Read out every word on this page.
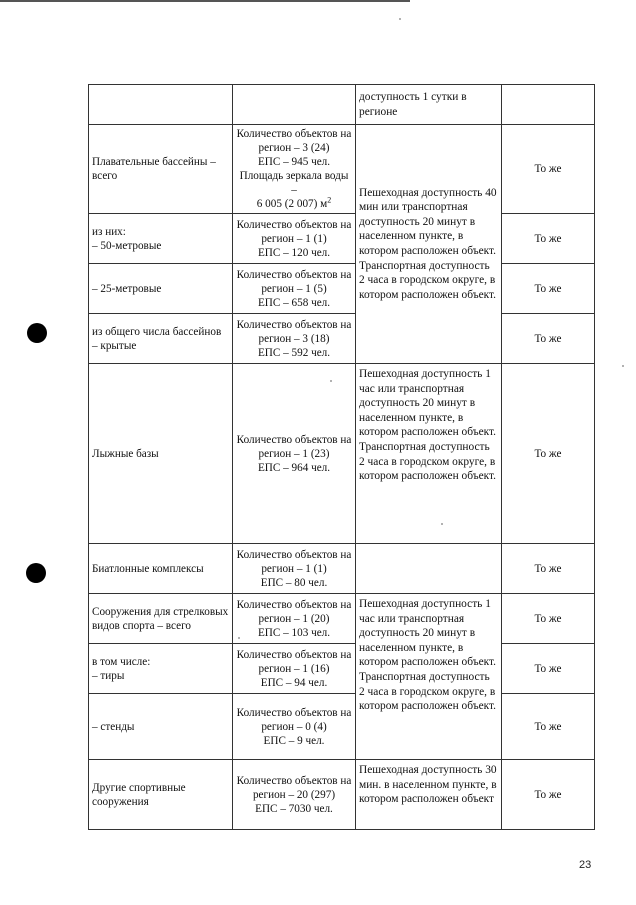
		доступность 1 сутки в регионе	
Плавательные бассейны – всего	Количество объектов на регион – 3 (24)
ЕПС – 945 чел.
Площадь зеркала воды –
6 005 (2 007) $м^2$	Пешеходная доступность 40 мин или транспортная доступность 20 минут в населенном пункте, в котором расположен объект.
Транспортная доступность 2 часа в городском округе, в котором расположен объект.	То же
из них:
– 50-метровые	Количество объектов на регион – 1 (1)
ЕПС – 120 чел.		То же
– 25-метровые	Количество объектов на регион – 1 (5)
ЕПС – 658 чел.		То же
из общего числа бассейнов – крытые	Количество объектов на регион – 3 (18)
ЕПС – 592 чел.		То же
Лыжные базы	Количество объектов на регион – 1 (23)
ЕПС – 964 чел.	Пешеходная доступность 1 час или транспортная доступность 20 минут в населенном пункте, в котором расположен объект.
Транспортная доступность 2 часа в городском округе, в котором расположен объект.	То же
Биатлонные комплексы	Количество объектов на регион – 1 (1)
ЕПС – 80 чел.		То же
Сооружения для стрелковых видов спорта – всего	Количество объектов на регион – 1 (20)
ЕПС – 103 чел.	Пешеходная доступность 1 час или транспортная доступность 20 минут в населенном пункте, в котором расположен объект.
Транспортная доступность 2 часа в городском округе, в котором расположен объект.	То же
в том числе:
– тиры	Количество объектов на регион – 1 (16)
ЕПС – 94 чел.		То же
– стенды	Количество объектов на регион – 0 (4)
ЕПС – 9 чел.		То же
Другие спортивные сооружения	Количество объектов на регион – 20 (297)
ЕПС – 7030 чел.	Пешеходная доступность 30 мин. в населенном пункте, в котором расположен объект	То же
23
